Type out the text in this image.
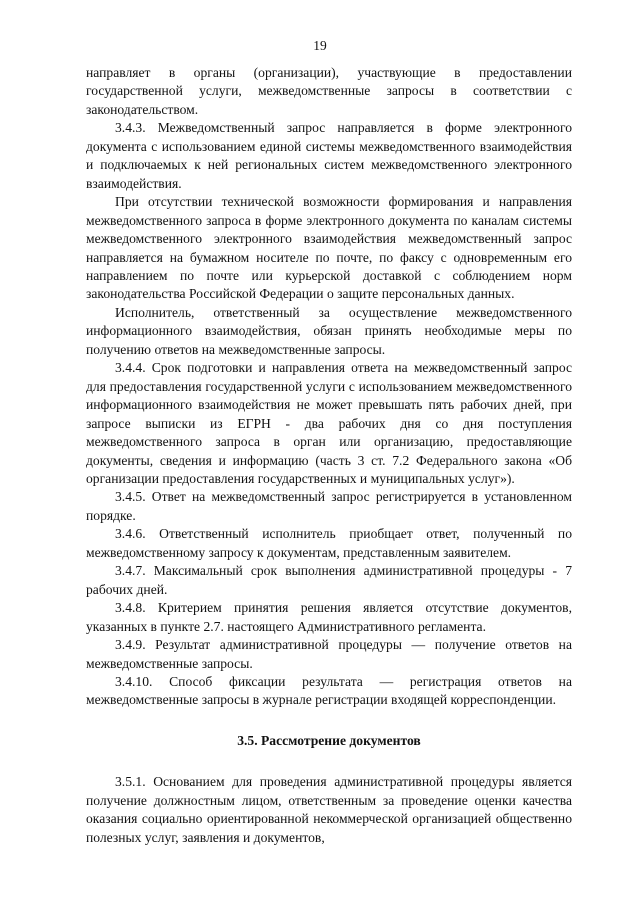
19

направляет в органы (организации), участвующие в предоставлении государственной услуги, межведомственные запросы в соответствии с законодательством.

3.4.3. Межведомственный запрос направляется в форме электронного документа с использованием единой системы межведомственного взаимодействия и подключаемых к ней региональных систем межведомственного электронного взаимодействия.

При отсутствии технической возможности формирования и направления межведомственного запроса в форме электронного документа по каналам системы межведомственного электронного взаимодействия межведомственный запрос направляется на бумажном носителе по почте, по факсу с одновременным его направлением по почте или курьерской доставкой с соблюдением норм законодательства Российской Федерации о защите персональных данных.

Исполнитель, ответственный за осуществление межведомственного информационного взаимодействия, обязан принять необходимые меры по получению ответов на межведомственные запросы.

3.4.4. Срок подготовки и направления ответа на межведомственный запрос для предоставления государственной услуги с использованием межведомственного информационного взаимодействия не может превышать пять рабочих дней, при запросе выписки из ЕГРН - два рабочих дня со дня поступления межведомственного запроса в орган или организацию, предоставляющие документы, сведения и информацию (часть 3 ст. 7.2 Федерального закона «Об организации предоставления государственных и муниципальных услуг»).

3.4.5. Ответ на межведомственный запрос регистрируется в установленном порядке.

3.4.6. Ответственный исполнитель приобщает ответ, полученный по межведомственному запросу к документам, представленным заявителем.

3.4.7. Максимальный срок выполнения административной процедуры - 7 рабочих дней.

3.4.8. Критерием принятия решения является отсутствие документов, указанных в пункте 2.7. настоящего Административного регламента.

3.4.9. Результат административной процедуры — получение ответов на межведомственные запросы.

3.4.10. Способ фиксации результата — регистрация ответов на межведомственные запросы в журнале регистрации входящей корреспонденции.

3.5. Рассмотрение документов

3.5.1. Основанием для проведения административной процедуры является получение должностным лицом, ответственным за проведение оценки качества оказания социально ориентированной некоммерческой организацией общественно полезных услуг, заявления и документов,
